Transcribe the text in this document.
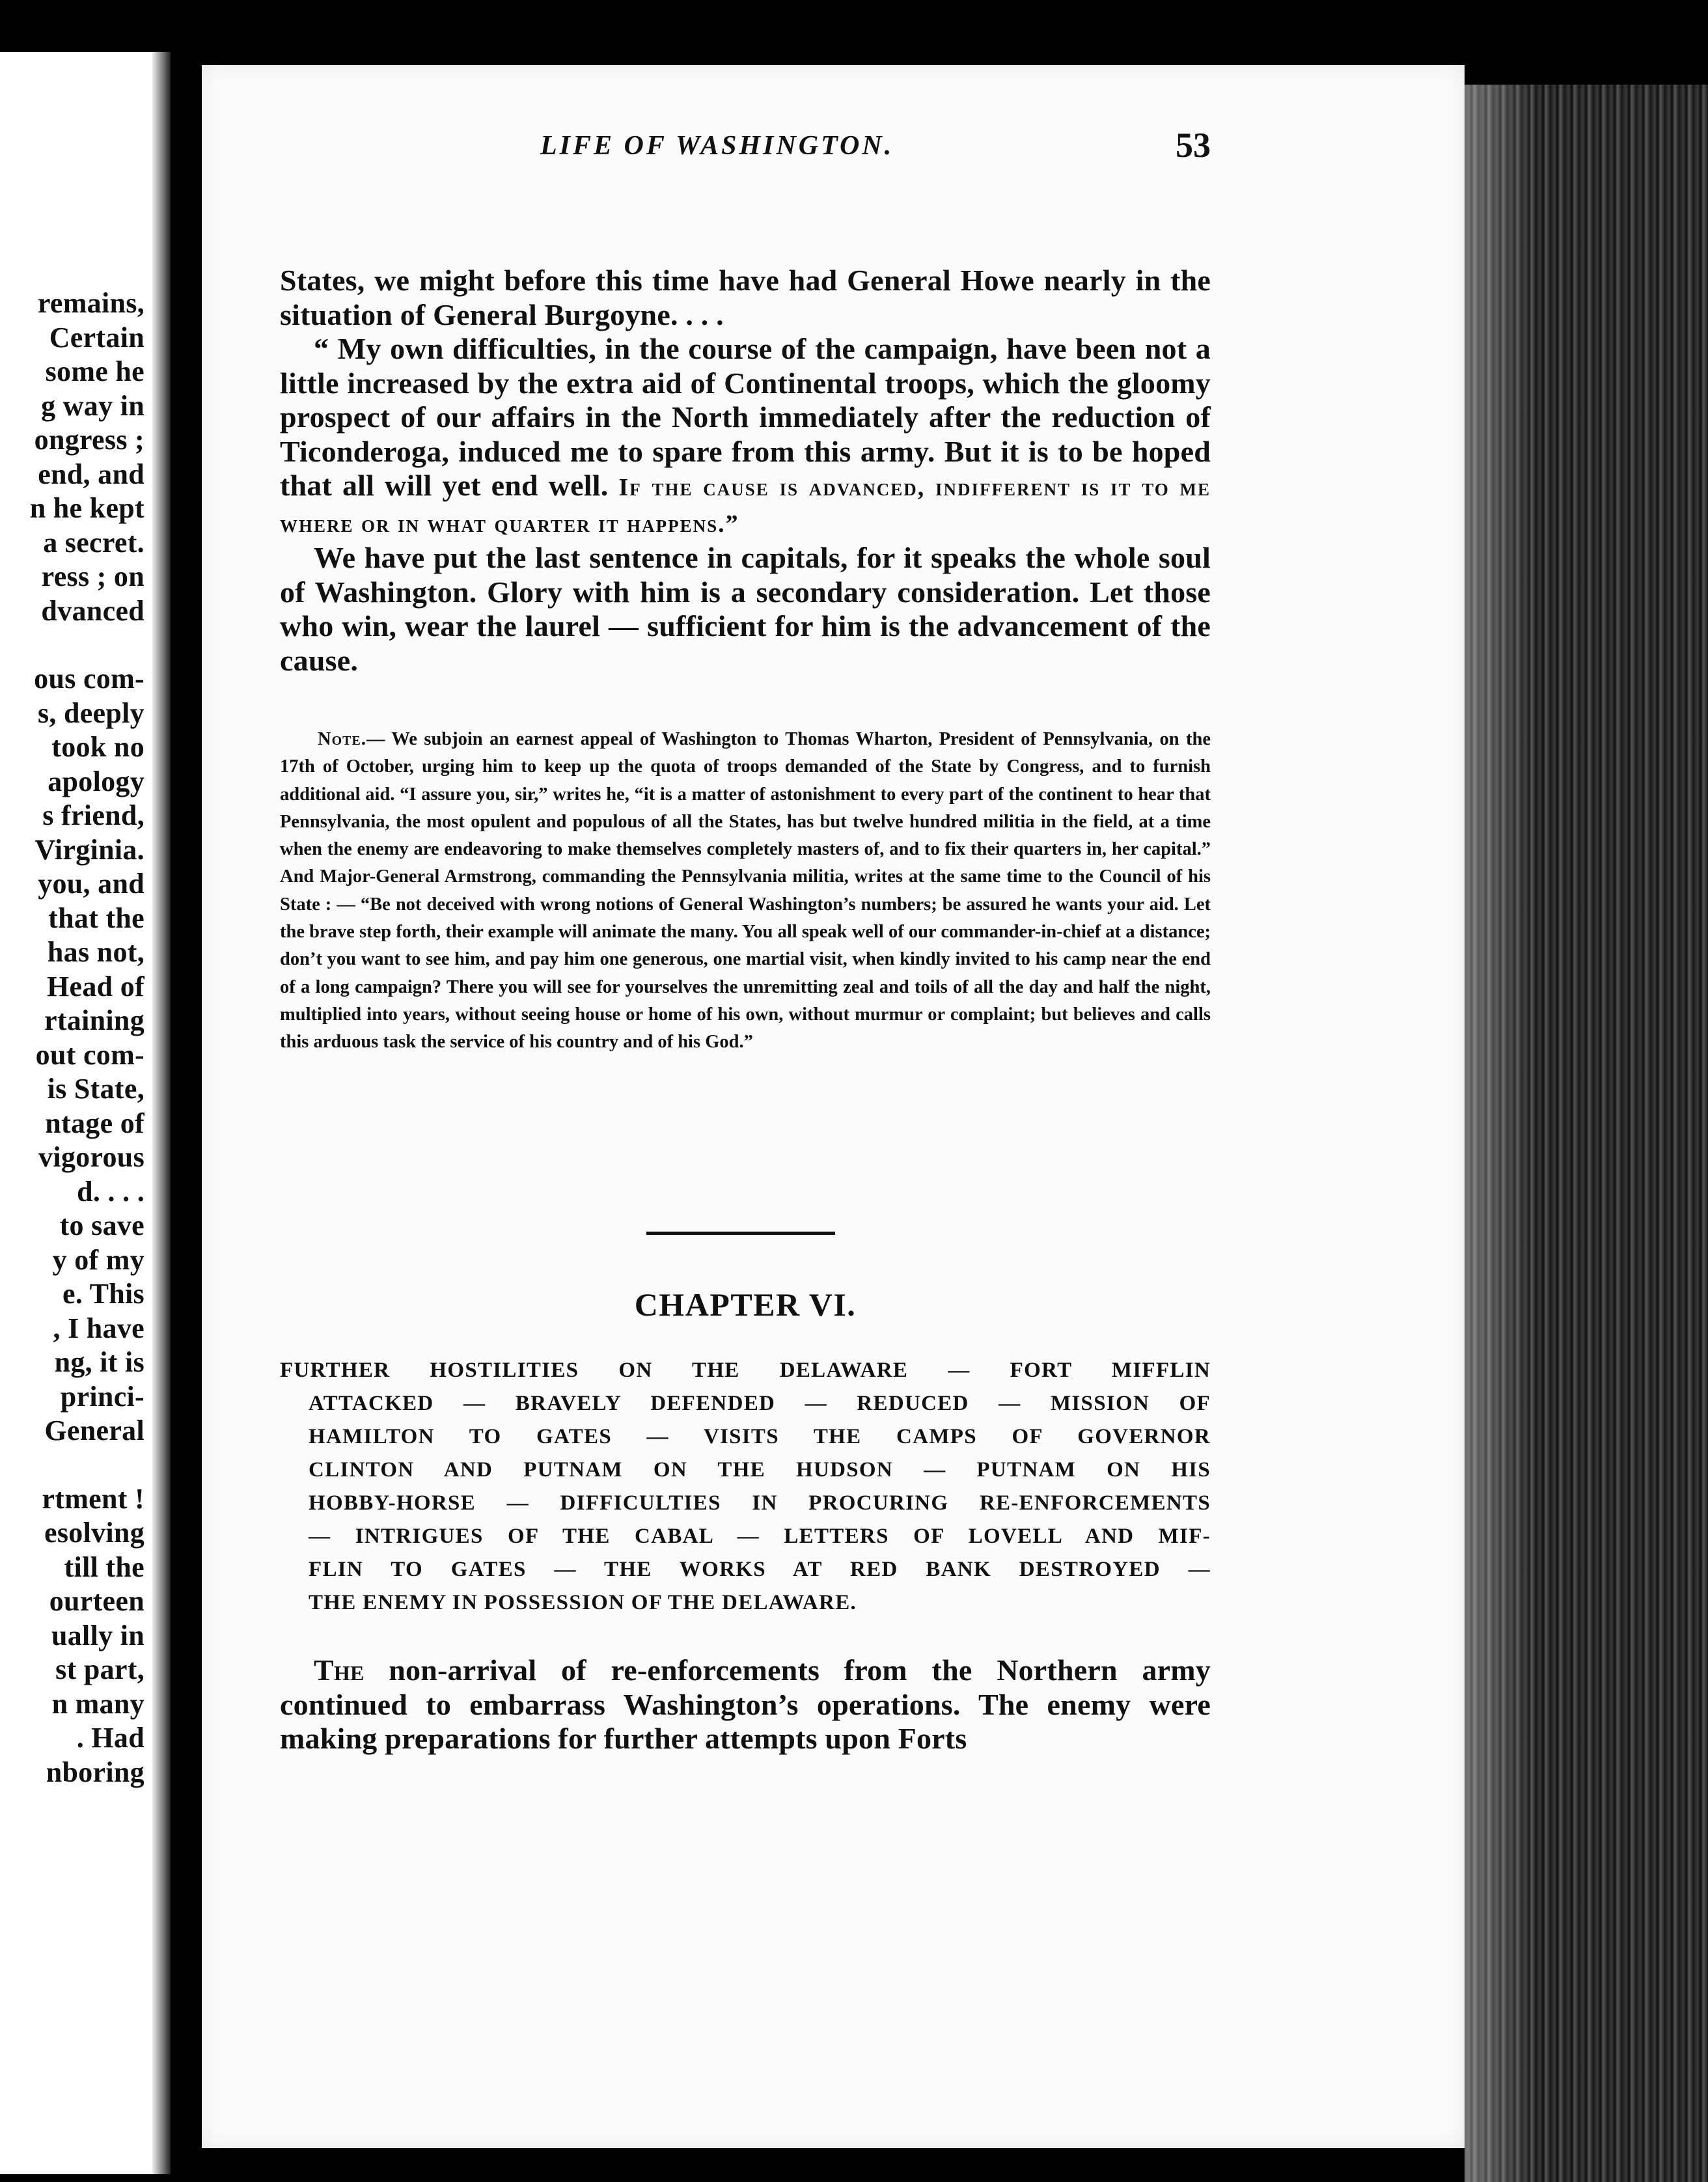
remains,
Certain
some he
g way in
ongress ;
end, and
n he kept
a secret.
ress ; on
dvanced
ous com-
s, deeply
took no
apology
s friend,
Virginia.
you, and
that the
has not,
Head of
rtaining
out com-
is State,
ntage of
vigorous
d. . . .
to save
y of my
e. This
, I have
ng, it is
princi-
General
rtment !
esolving
till the
ourteen
ually in
st part,
n many
. Had
nboring
LIFE OF WASHINGTON.	53

States, we might before this time have had General Howe nearly in the situation of General Burgoyne. . . .

“ My own difficulties, in the course of the campaign, have been not a little increased by the extra aid of Continental troops, which the gloomy prospect of our affairs in the North immediately after the reduction of Ticonderoga, induced me to spare from this army. But it is to be hoped that all will yet end well. If the cause is advanced, indifferent is it to me where or in what quarter it happens.”

We have put the last sentence in capitals, for it speaks the whole soul of Washington. Glory with him is a secondary consideration. Let those who win, wear the laurel — sufficient for him is the advancement of the cause.

Note.— We subjoin an earnest appeal of Washington to Thomas Wharton, President of Pennsylvania, on the 17th of October, urging him to keep up the quota of troops demanded of the State by Congress, and to furnish additional aid. “I assure you, sir,” writes he, “it is a matter of astonishment to every part of the continent to hear that Pennsylvania, the most opulent and populous of all the States, has but twelve hundred militia in the field, at a time when the enemy are endeavoring to make themselves completely masters of, and to fix their quarters in, her capital.” And Major-General Armstrong, commanding the Pennsylvania militia, writes at the same time to the Council of his State : — “Be not deceived with wrong notions of General Washington’s numbers; be assured he wants your aid. Let the brave step forth, their example will animate the many. You all speak well of our commander-in-chief at a distance; don’t you want to see him, and pay him one generous, one martial visit, when kindly invited to his camp near the end of a long campaign? There you will see for yourselves the unremitting zeal and toils of all the day and half the night, multiplied into years, without seeing house or home of his own, without murmur or complaint; but believes and calls this arduous task the service of his country and of his God.”
CHAPTER VI.
FURTHER HOSTILITIES ON THE DELAWARE — FORT MIFFLIN
ATTACKED — BRAVELY DEFENDED — REDUCED — MISSION OF
HAMILTON TO GATES — VISITS THE CAMPS OF GOVERNOR
CLINTON AND PUTNAM ON THE HUDSON — PUTNAM ON HIS
HOBBY-HORSE — DIFFICULTIES IN PROCURING RE-ENFORCEMENTS
— INTRIGUES OF THE CABAL — LETTERS OF LOVELL AND MIF-
FLIN TO GATES — THE WORKS AT RED BANK DESTROYED —
THE ENEMY IN POSSESSION OF THE DELAWARE.

The non-arrival of re-enforcements from the Northern army continued to embarrass Washington’s operations. The enemy were making preparations for further attempts upon Forts
